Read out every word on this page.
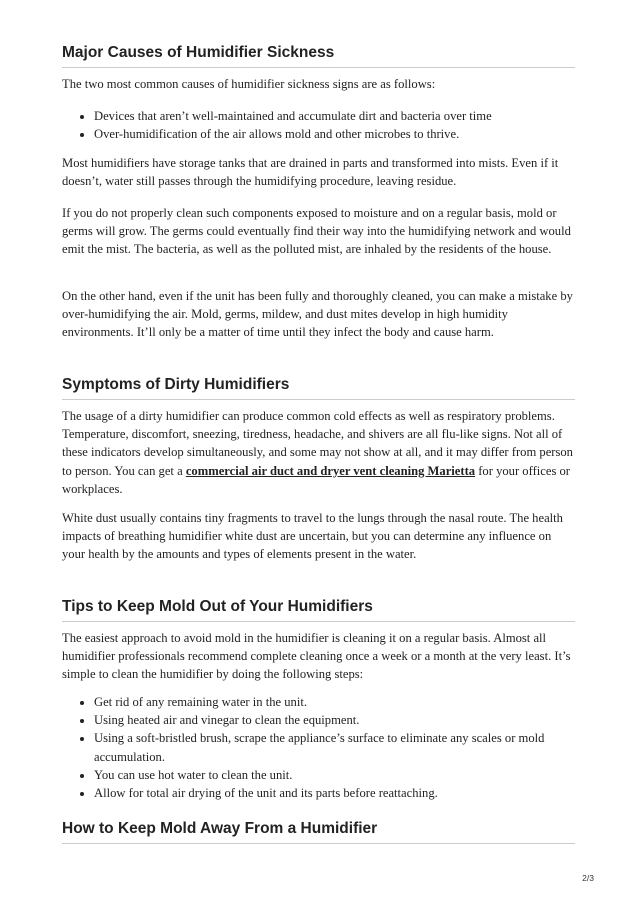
Major Causes of Humidifier Sickness

The two most common causes of humidifier sickness signs are as follows:

• Devices that aren’t well-maintained and accumulate dirt and bacteria over time
• Over-humidification of the air allows mold and other microbes to thrive.

Most humidifiers have storage tanks that are drained in parts and transformed into mists. Even if it doesn’t, water still passes through the humidifying procedure, leaving residue.

If you do not properly clean such components exposed to moisture and on a regular basis, mold or germs will grow. The germs could eventually find their way into the humidifying network and would emit the mist. The bacteria, as well as the polluted mist, are inhaled by the residents of the house.

On the other hand, even if the unit has been fully and thoroughly cleaned, you can make a mistake by over-humidifying the air. Mold, germs, mildew, and dust mites develop in high humidity environments. It’ll only be a matter of time until they infect the body and cause harm.

Symptoms of Dirty Humidifiers

The usage of a dirty humidifier can produce common cold effects as well as respiratory problems. Temperature, discomfort, sneezing, tiredness, headache, and shivers are all flu-like signs. Not all of these indicators develop simultaneously, and some may not show at all, and it may differ from person to person. You can get a commercial air duct and dryer vent cleaning Marietta for your offices or workplaces.

White dust usually contains tiny fragments to travel to the lungs through the nasal route. The health impacts of breathing humidifier white dust are uncertain, but you can determine any influence on your health by the amounts and types of elements present in the water.

Tips to Keep Mold Out of Your Humidifiers

The easiest approach to avoid mold in the humidifier is cleaning it on a regular basis. Almost all humidifier professionals recommend complete cleaning once a week or a month at the very least. It’s simple to clean the humidifier by doing the following steps:

• Get rid of any remaining water in the unit.
• Using heated air and vinegar to clean the equipment.
• Using a soft-bristled brush, scrape the appliance’s surface to eliminate any scales or mold accumulation.
• You can use hot water to clean the unit.
• Allow for total air drying of the unit and its parts before reattaching.
How to Keep Mold Away From a Humidifier
2/3
